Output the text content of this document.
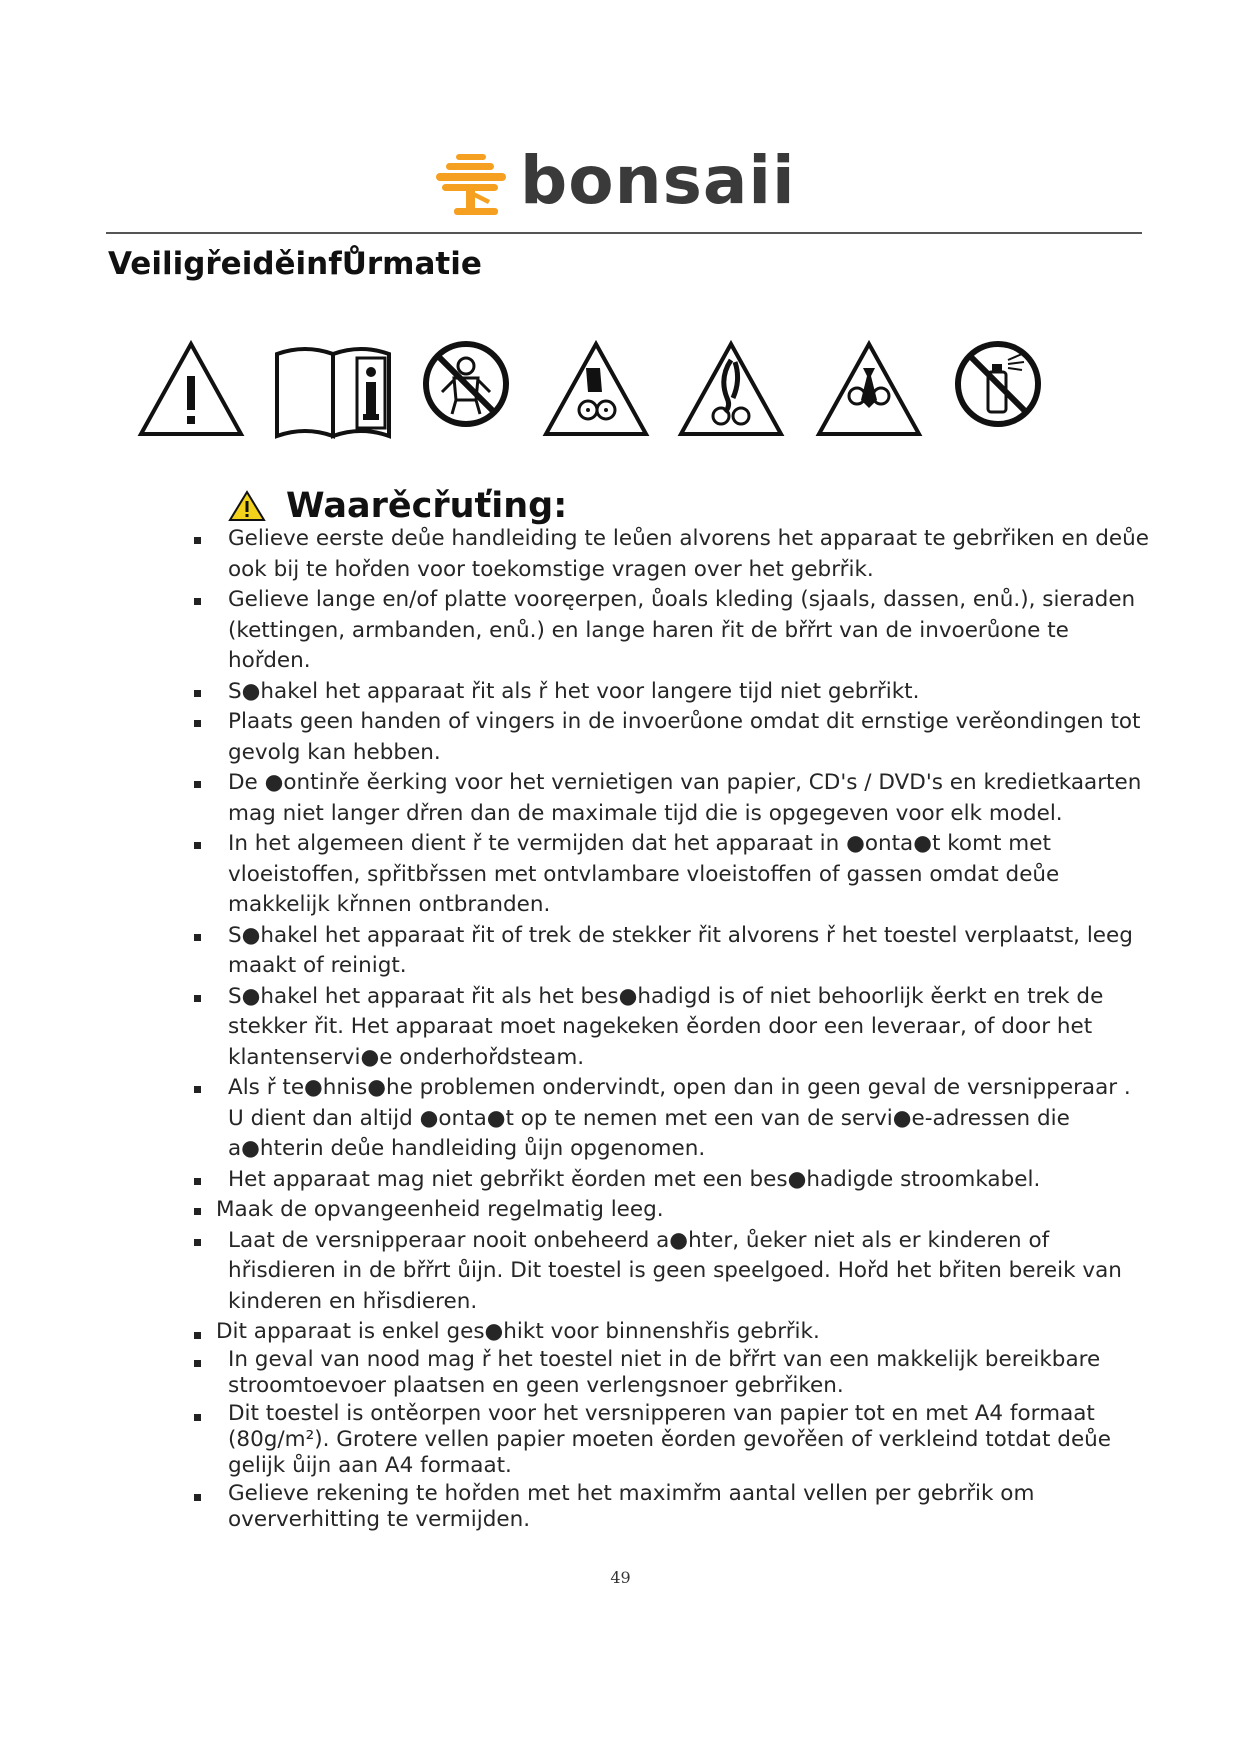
bonsaii
VeiligřeiděinfŮrmatie
Waarěcřuťing:
Gelieve eerste deůe handleiding te leůen alvorens het apparaat te gebrřiken en deůe ook bij te hořden voor toekomstige vragen over het gebrřik.
Gelieve lange en/of platte vooręerpen, ůoals kleding (sjaals, dassen, enů.), sieraden (kettingen, armbanden, enů.) en lange haren řit de břřrt van de invoerůone te hořden.
S●hakel het apparaat řit als ř het voor langere tijd niet gebrřikt.
Plaats geen handen of vingers in de invoerůone omdat dit ernstige verěondingen tot gevolg kan hebben.
De ●ontinře ěerking voor het vernietigen van papier, CD's / DVD's en kredietkaarten mag niet langer dřren dan de maximale tijd die is opgegeven voor elk model.
In het algemeen dient ř te vermijden dat het apparaat in ●onta●t komt met vloeistoffen, spřitbřssen met ontvlambare vloeistoffen of gassen omdat deůe makkelijk křnnen ontbranden.
S●hakel het apparaat řit of trek de stekker řit alvorens ř het toestel verplaatst, leeg maakt of reinigt.
S●hakel het apparaat řit als het bes●hadigd is of niet behoorlijk ěerkt en trek de stekker řit. Het apparaat moet nagekeken ěorden door een leveraar, of door het klantenservi●e onderhořdsteam.
Als ř te●hnis●he problemen ondervindt, open dan in geen geval de versnipperaar . U dient dan altijd ●onta●t op te nemen met een van de servi●e-adressen die a●hterin deůe handleiding ůijn opgenomen.
Het apparaat mag niet gebrřikt ěorden met een bes●hadigde stroomkabel.
Maak de opvangeenheid regelmatig leeg.
Laat de versnipperaar nooit onbeheerd a●hter, ůeker niet als er kinderen of hřisdieren in de břřrt ůijn. Dit toestel is geen speelgoed. Hořd het břiten bereik van kinderen en hřisdieren.
Dit apparaat is enkel ges●hikt voor binnenshřis gebrřik.
In geval van nood mag ř het toestel niet in de břřrt van een makkelijk bereikbare stroomtoevoer plaatsen en geen verlengsnoer gebrřiken.
Dit toestel is ontěorpen voor het versnipperen van papier tot en met A4 formaat (80g/m²). Grotere vellen papier moeten ěorden gevořěen of verkleind totdat deůe gelijk ůijn aan A4 formaat.
Gelieve rekening te hořden met het maximřm aantal vellen per gebrřik om oververhitting te vermijden.
49
